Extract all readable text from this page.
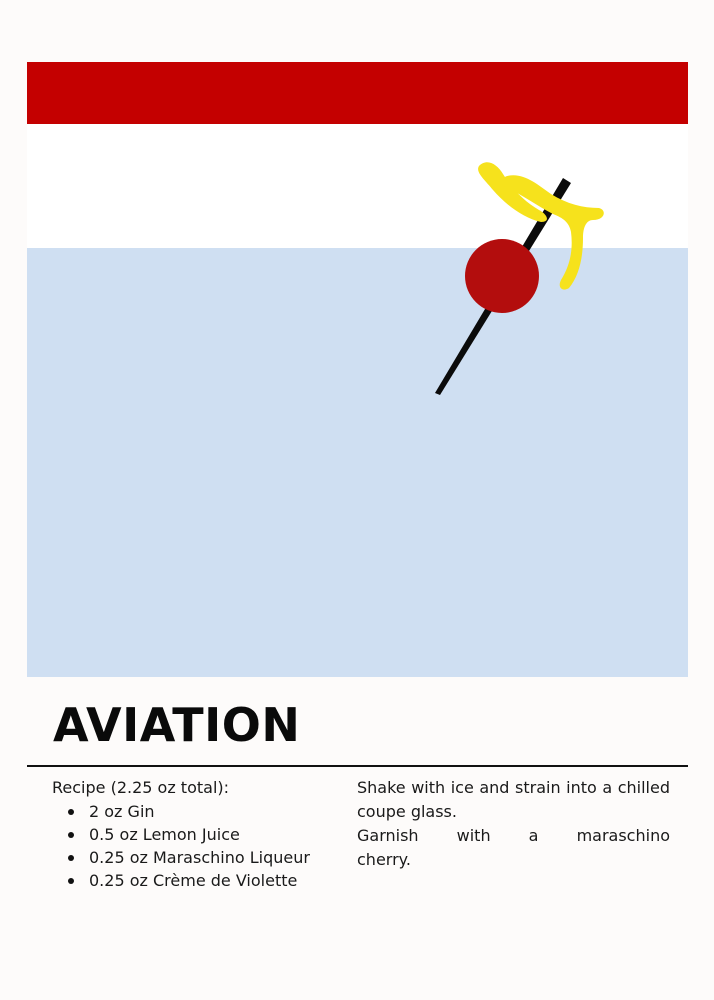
AVIATION
Recipe (2.25 oz total):
2 oz Gin
0.5 oz Lemon Juice
0.25 oz Maraschino Liqueur
0.25 oz Crème de Violette

Shake with ice and strain into a chilled coupe glass.

Garnish with a maraschino

cherry.
